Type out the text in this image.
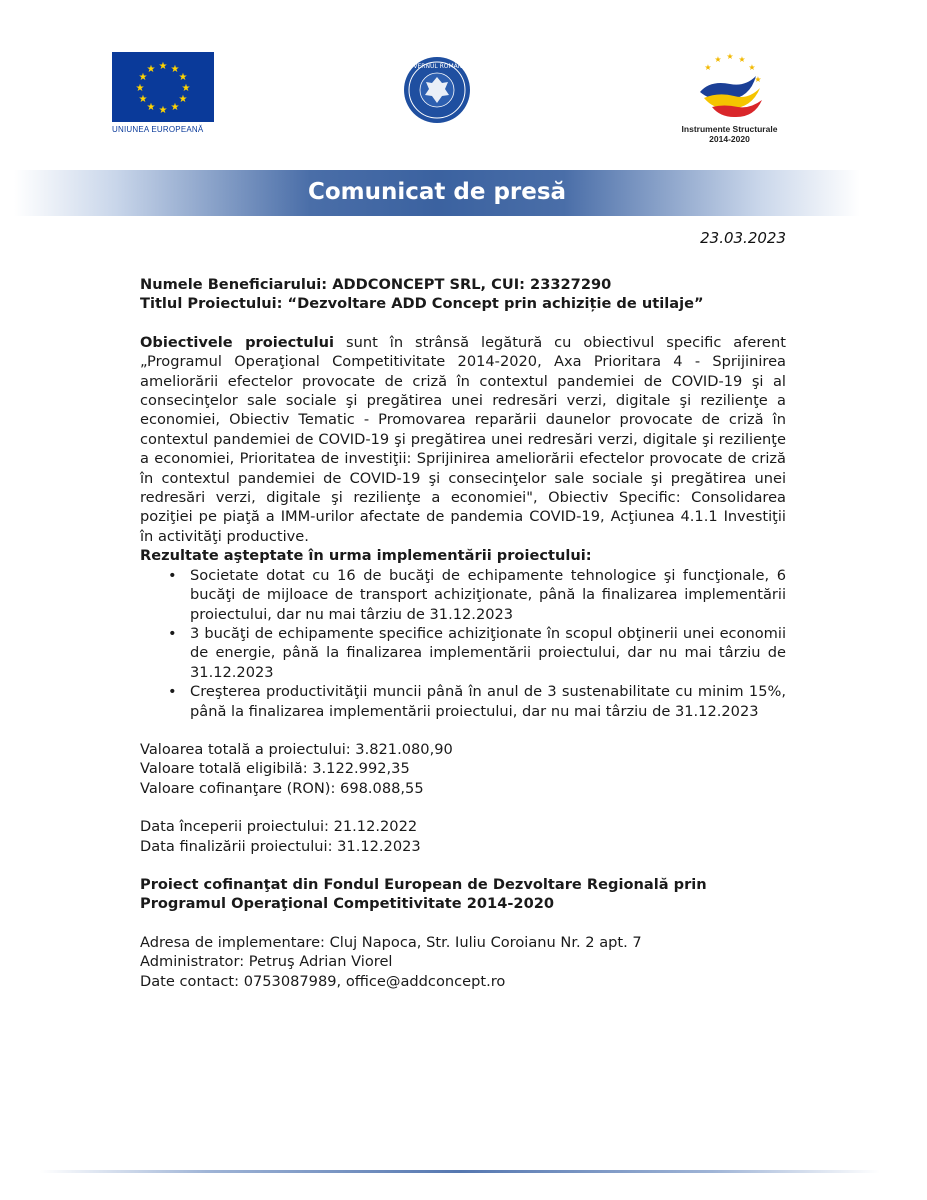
★ ★
★
★
★
★
★
★
★
★
★
★
UNIUNEA EUROPEANĂ
GUVERNUL ROMÂNIEI
★ ★ ★
★
★
★
Instrumente Structurale
2014-2020
Comunicat de presă
23.03.2023

Numele Beneficiarului: ADDCONCEPT SRL, CUI: 23327290

Titlul Proiectului: “Dezvoltare ADD Concept prin achiziție de utilaje”

Obiectivele proiectului sunt în strânsă legătură cu obiectivul specific aferent „Programul Operaţional Competitivitate 2014-2020, Axa Prioritara 4 - Sprijinirea ameliorării efectelor provocate de criză în contextul pandemiei de COVID-19 şi al consecinţelor sale sociale şi pregătirea unei redresări verzi, digitale şi rezilienţe a economiei, Obiectiv Tematic - Promovarea reparării daunelor provocate de criză în contextul pandemiei de COVID-19 şi pregătirea unei redresări verzi, digitale şi rezilienţe a economiei, Prioritatea de investiţii: Sprijinirea ameliorării efectelor provocate de criză în contextul pandemiei de COVID-19 şi consecinţelor sale sociale şi pregătirea unei redresări verzi, digitale şi rezilienţe a economiei", Obiectiv Specific: Consolidarea poziţiei pe piaţă a IMM-urilor afectate de pandemia COVID-19, Acţiunea 4.1.1 Investiţii în activităţi productive.

Rezultate aşteptate în urma implementării proiectului:

• Societate dotat cu 16 de bucăţi de echipamente tehnologice şi funcţionale, 6 bucăţi de mijloace de transport achiziţionate, până la finalizarea implementării proiectului, dar nu mai târziu de 31.12.2023
• 3 bucăţi de echipamente specifice achiziţionate în scopul obţinerii unei economii de energie, până la finalizarea implementării proiectului, dar nu mai târziu de 31.12.2023
• Creşterea productivităţii muncii până în anul de 3 sustenabilitate cu minim 15%, până la finalizarea implementării proiectului, dar nu mai târziu de 31.12.2023

Valoarea totală a proiectului: 3.821.080,90

Valoare totală eligibilă: 3.122.992,35

Valoare cofinanţare (RON): 698.088,55

Data începerii proiectului: 21.12.2022

Data finalizării proiectului: 31.12.2023

Proiect cofinanţat din Fondul European de Dezvoltare Regională prin Programul Operaţional Competitivitate 2014-2020

Adresa de implementare: Cluj Napoca, Str. Iuliu Coroianu Nr. 2 apt. 7

Administrator: Petruş Adrian Viorel

Date contact: 0753087989, office@addconcept.ro
